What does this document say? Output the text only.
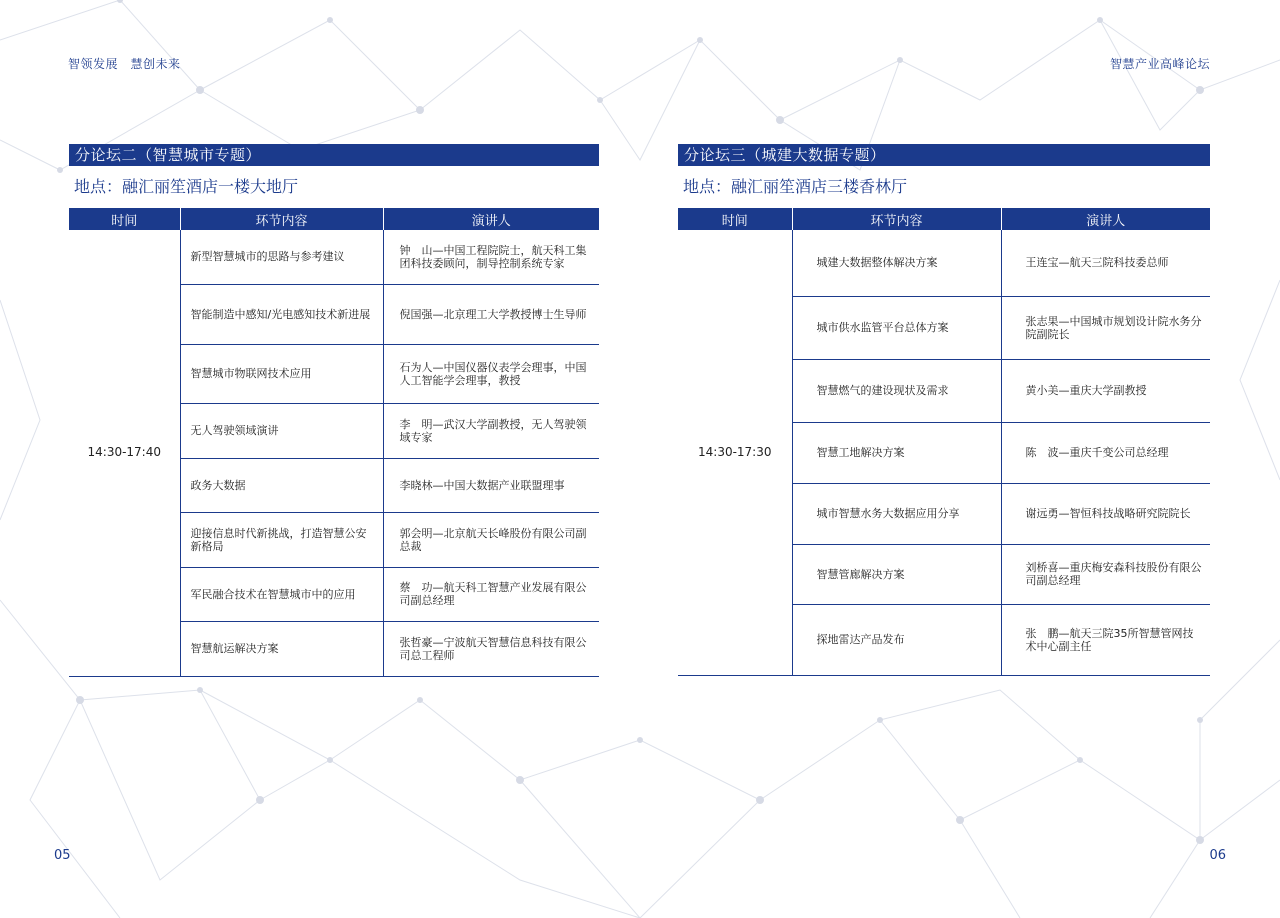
智领发展　慧创未来	智慧产业高峰论坛
分论坛二（智慧城市专题）
地点：融汇丽笙酒店一楼大地厅
时间	环节内容	演讲人
14:30-17:40	新型智慧城市的思路与参考建议	钟　山—中国工程院院士，航天科工集团科技委顾问，制导控制系统专家
	智能制造中感知/光电感知技术新进展	倪国强—北京理工大学教授博士生导师
	智慧城市物联网技术应用	石为人—中国仪器仪表学会理事，中国人工智能学会理事，教授
	无人驾驶领域演讲	李　明—武汉大学副教授，无人驾驶领域专家
	政务大数据	李晓林—中国大数据产业联盟理事
	迎接信息时代新挑战，打造智慧公安新格局	郭会明—北京航天长峰股份有限公司副总裁
	军民融合技术在智慧城市中的应用	蔡　功—航天科工智慧产业发展有限公司副总经理
	智慧航运解决方案	张哲豪—宁波航天智慧信息科技有限公司总工程师
分论坛三（城建大数据专题）
地点：融汇丽笙酒店三楼香林厅
时间	环节内容	演讲人
14:30-17:30	城建大数据整体解决方案	王连宝—航天三院科技委总师
	城市供水监管平台总体方案	张志果—中国城市规划设计院水务分院副院长
	智慧燃气的建设现状及需求	黄小美—重庆大学副教授
	智慧工地解决方案	陈　波—重庆千变公司总经理
	城市智慧水务大数据应用分享	谢远勇—智恒科技战略研究院院长
	智慧管廊解决方案	刘桥喜—重庆梅安森科技股份有限公司副总经理
	探地雷达产品发布	张　鹏—航天三院35所智慧管网技术中心副主任
05	06
